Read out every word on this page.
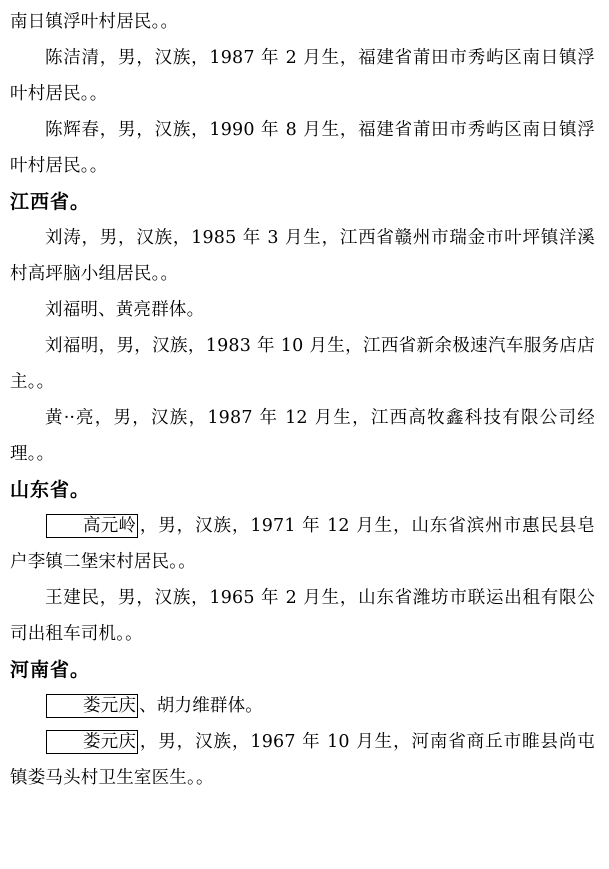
南日镇浮叶村居民。。

陈洁清，男，汉族，1987 年 2 月生，福建省莆田市秀屿区南日镇浮叶村居民。。

陈辉春，男，汉族，1990 年 8 月生，福建省莆田市秀屿区南日镇浮叶村居民。。

江西省。

刘涛，男，汉族，1985 年 3 月生，江西省赣州市瑞金市叶坪镇洋溪村高坪脑小组居民。。

刘福明、黄亮群体。

刘福明，男，汉族，1983 年 10 月生，江西省新余极速汽车服务店店主。。

黄··亮，男，汉族，1987 年 12 月生，江西高牧鑫科技有限公司经理。。

山东省。

高元岭 ，男，汉族，1971 年 12 月生，山东省滨州市惠民县皂户李镇二堡宋村居民。。

王建民，男，汉族，1965 年 2 月生，山东省潍坊市联运出租有限公司出租车司机。。

河南省。

娄元庆 、胡力维群体。

娄元庆 ，男，汉族，1967 年 10 月生，河南省商丘市睢县尚屯镇娄马头村卫生室医生。。
